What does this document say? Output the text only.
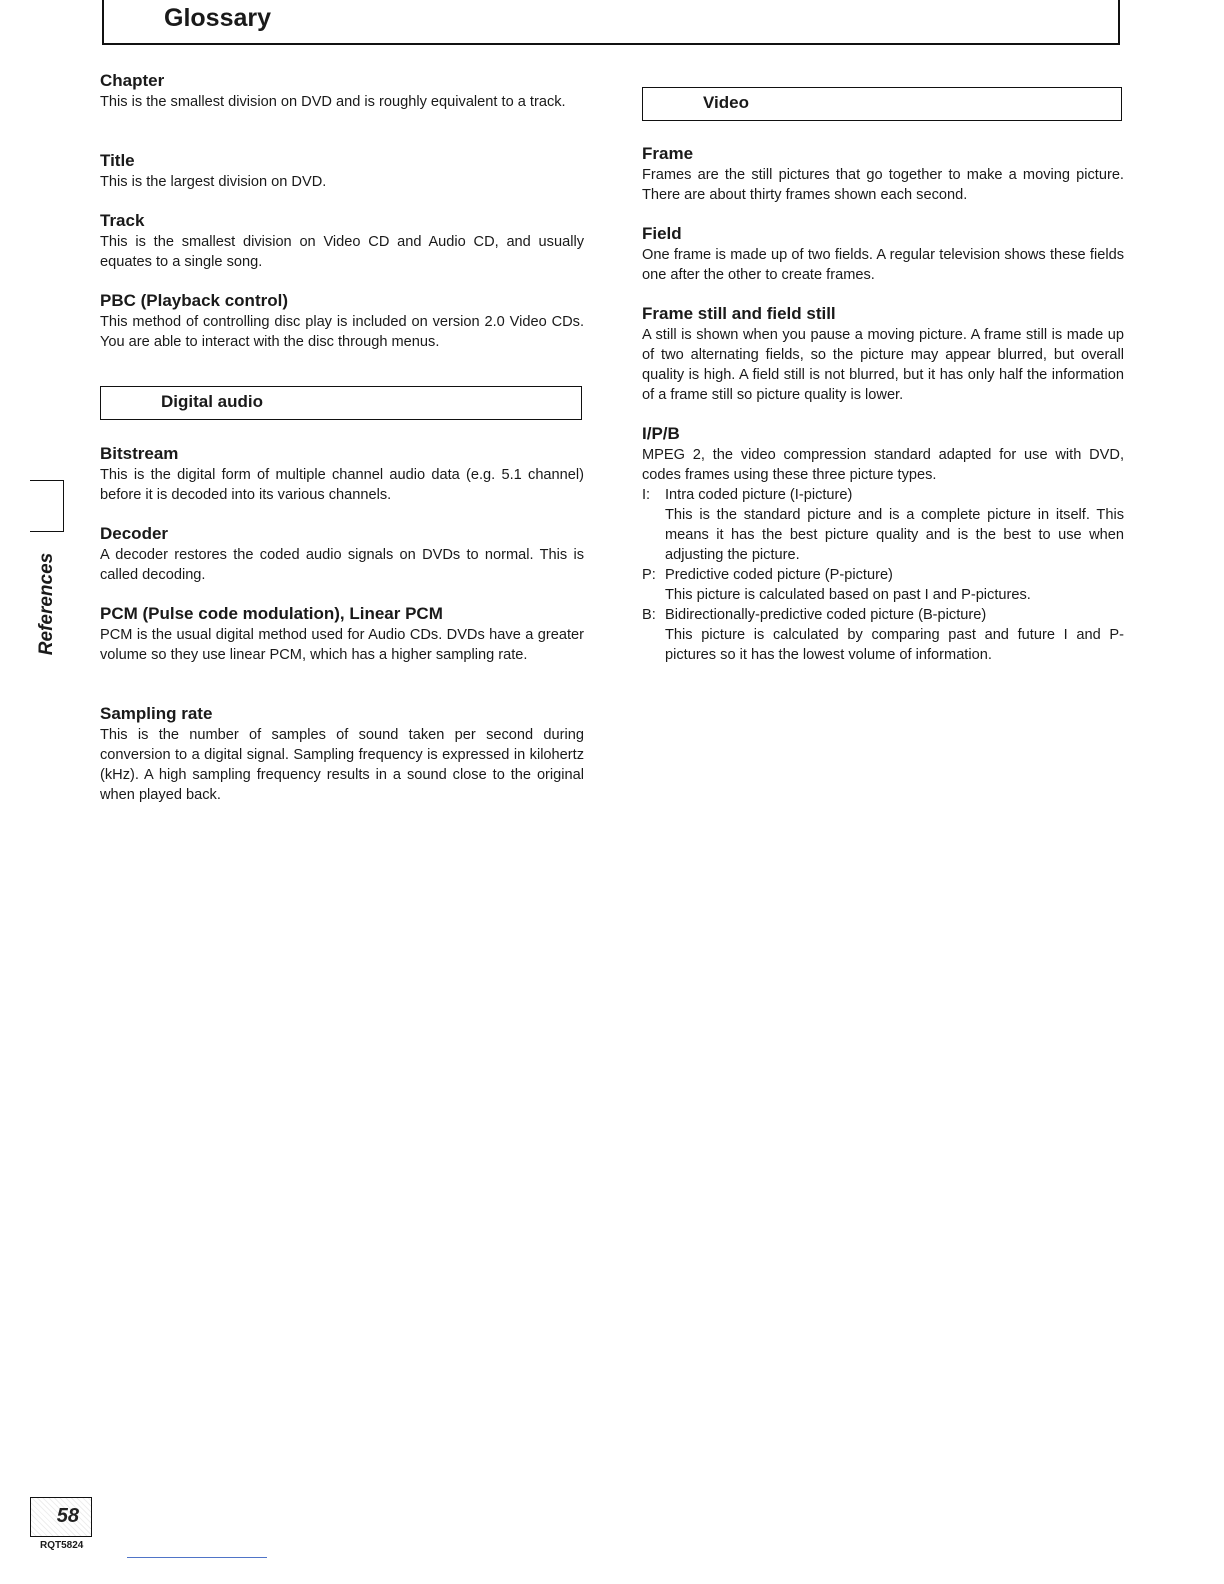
Glossary
References
Chapter

This is the smallest division on DVD and is roughly equivalent to a track.

Title

This is the largest division on DVD.

Track

This is the smallest division on Video CD and Audio CD, and usually equates to a single song.

PBC (Playback control)

This method of controlling disc play is included on version 2.0 Video CDs. You are able to interact with the disc through menus.

Digital audio
Bitstream

This is the digital form of multiple channel audio data (e.g. 5.1 channel) before it is decoded into its various channels.

Decoder

A decoder restores the coded audio signals on DVDs to normal. This is called decoding.

PCM (Pulse code modulation), Linear PCM

PCM is the usual digital method used for Audio CDs. DVDs have a greater volume so they use linear PCM, which has a higher sampling rate.

Sampling rate

This is the number of samples of sound taken per second during conversion to a digital signal. Sampling frequency is expressed in kilohertz (kHz). A high sampling frequency results in a sound close to the original when played back.

Video
Frame

Frames are the still pictures that go together to make a moving picture. There are about thirty frames shown each second.

Field

One frame is made up of two fields. A regular television shows these fields one after the other to create frames.

Frame still and field still

A still is shown when you pause a moving picture. A frame still is made up of two alternating fields, so the picture may appear blurred, but overall quality is high. A field still is not blurred, but it has only half the information of a frame still so picture quality is lower.

I/P/B

MPEG 2, the video compression standard adapted for use with DVD, codes frames using these three picture types.

I: Intra coded picture (I-picture)
This is the standard picture and is a complete picture in itself. This means it has the best picture quality and is the best to use when adjusting the picture.
P: Predictive coded picture (P-picture)
This picture is calculated based on past I and P-pictures.
B: Bidirectionally-predictive coded picture (B-picture)
This picture is calculated by comparing past and future I and P-pictures so it has the lowest volume of information.
58
RQT5824
